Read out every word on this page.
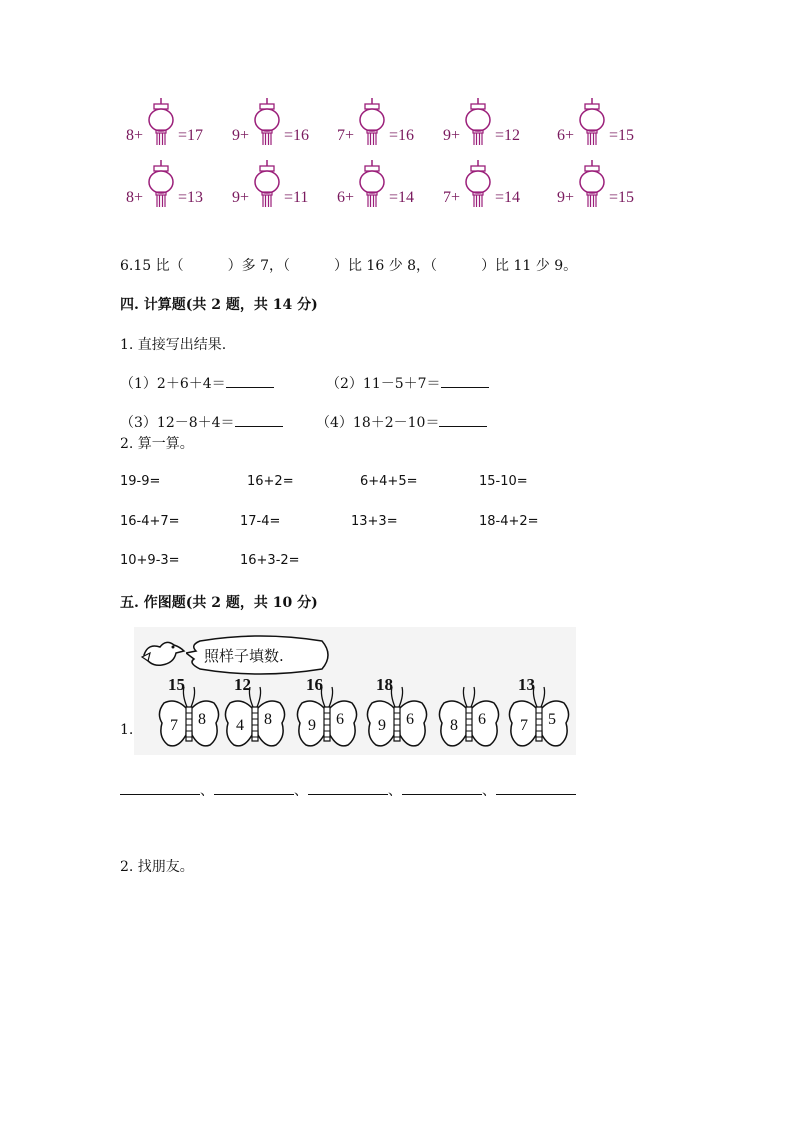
8+ =17 9+ =16 7+ =16 9+ =12 6+ =15
8+ =13 9+ =11 6+ =14 7+ =14 9+ =15
6.15 比（	）多 7，（	）比 16 少 8，（	）比 11 少 9。
四. 计算题(共 2 题，共 14 分)
1. 直接写出结果.
（1）2＋6＋4＝	（2）11－5＋7＝
（3）12－8＋4＝	（4）18＋2－10＝
2. 算一算。
19-9=	16+2=	6+4+5=	15-10=
16-4+7=	17-4=	13+3=	18-4+2=
10+9-3=	16+3-2=
五. 作图题(共 2 题，共 10 分)
照样子填数.
15
7 8
12
4 8
16
9 6
18
9 6 8 6
13
7 5
1.
、	、	、	、
2. 找朋友。
